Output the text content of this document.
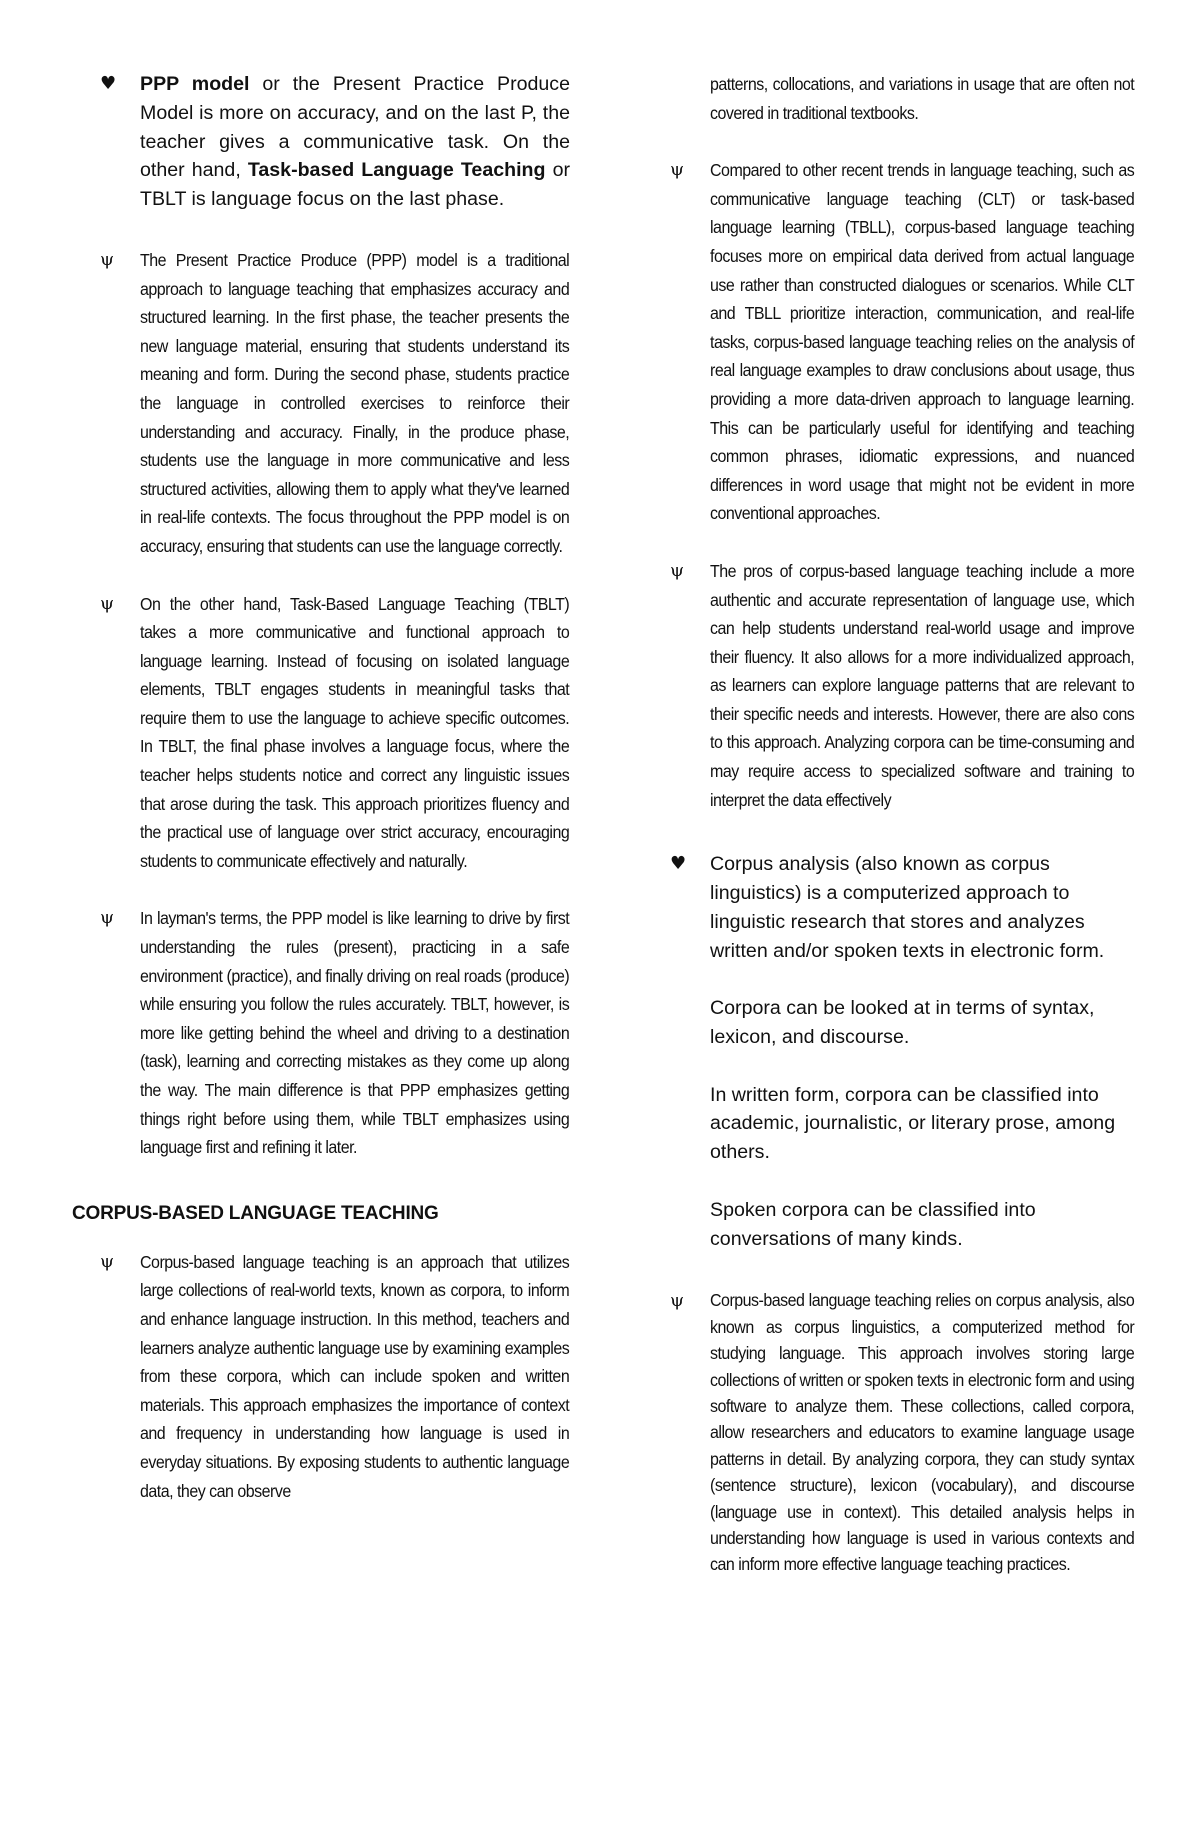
♥	PPP model or the Present Practice Produce Model is more on accuracy, and on the last P, the teacher gives a communicative task. On the other hand, Task-based Language Teaching or TBLT is language focus on the last phase.
ψ	The Present Practice Produce (PPP) model is a traditional approach to language teaching that emphasizes accuracy and structured learning. In the first phase, the teacher presents the new language material, ensuring that students understand its meaning and form. During the second phase, students practice the language in controlled exercises to reinforce their understanding and accuracy. Finally, in the produce phase, students use the language in more communicative and less structured activities, allowing them to apply what they've learned in real-life contexts. The focus throughout the PPP model is on accuracy, ensuring that students can use the language correctly.

ψ	On the other hand, Task-Based Language Teaching (TBLT) takes a more communicative and functional approach to language learning. Instead of focusing on isolated language elements, TBLT engages students in meaningful tasks that require them to use the language to achieve specific outcomes. In TBLT, the final phase involves a language focus, where the teacher helps students notice and correct any linguistic issues that arose during the task. This approach prioritizes fluency and the practical use of language over strict accuracy, encouraging students to communicate effectively and naturally.

ψ	In layman's terms, the PPP model is like learning to drive by first understanding the rules (present), practicing in a safe environment (practice), and finally driving on real roads (produce) while ensuring you follow the rules accurately. TBLT, however, is more like getting behind the wheel and driving to a destination (task), learning and correcting mistakes as they come up along the way. The main difference is that PPP emphasizes getting things right before using them, while TBLT emphasizes using language first and refining it later.

CORPUS-BASED LANGUAGE TEACHING
ψ	Corpus-based language teaching is an approach that utilizes large collections of real-world texts, known as corpora, to inform and enhance language instruction. In this method, teachers and learners analyze authentic language use by examining examples from these corpora, which can include spoken and written materials. This approach emphasizes the importance of context and frequency in understanding how language is used in everyday situations. By exposing students to authentic language data, they can observe

patterns, collocations, and variations in usage that are often not covered in traditional textbooks.

ψ	Compared to other recent trends in language teaching, such as communicative language teaching (CLT) or task-based language learning (TBLL), corpus-based language teaching focuses more on empirical data derived from actual language use rather than constructed dialogues or scenarios. While CLT and TBLL prioritize interaction, communication, and real-life tasks, corpus-based language teaching relies on the analysis of real language examples to draw conclusions about usage, thus providing a more data-driven approach to language learning. This can be particularly useful for identifying and teaching common phrases, idiomatic expressions, and nuanced differences in word usage that might not be evident in more conventional approaches.

ψ	The pros of corpus-based language teaching include a more authentic and accurate representation of language use, which can help students understand real-world usage and improve their fluency. It also allows for a more individualized approach, as learners can explore language patterns that are relevant to their specific needs and interests. However, there are also cons to this approach. Analyzing corpora can be time-consuming and may require access to specialized software and training to interpret the data effectively

♥	Corpus analysis (also known as corpus linguistics) is a computerized approach to linguistic research that stores and analyzes written and/or spoken texts in electronic form.

Corpora can be looked at in terms of syntax, lexicon, and discourse.

In written form, corpora can be classified into academic, journalistic, or literary prose, among others.

Spoken corpora can be classified into conversations of many kinds.

ψ	Corpus-based language teaching relies on corpus analysis, also known as corpus linguistics, a computerized method for studying language. This approach involves storing large collections of written or spoken texts in electronic form and using software to analyze them. These collections, called corpora, allow researchers and educators to examine language usage patterns in detail. By analyzing corpora, they can study syntax (sentence structure), lexicon (vocabulary), and discourse (language use in context). This detailed analysis helps in understanding how language is used in various contexts and can inform more effective language teaching practices.
